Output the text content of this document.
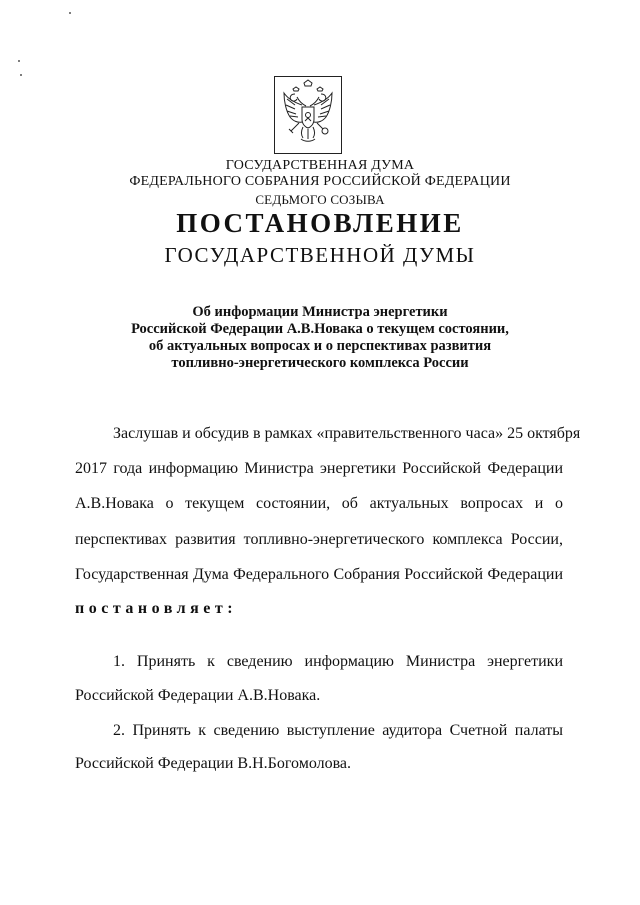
ГОСУДАРСТВЕННАЯ ДУМА
ФЕДЕРАЛЬНОГО СОБРАНИЯ РОССИЙСКОЙ ФЕДЕРАЦИИ
СЕДЬМОГО СОЗЫВА
ПОСТАНОВЛЕНИЕ
ГОСУДАРСТВЕННОЙ ДУМЫ
Об информации Министра энергетики
Российской Федерации А.В.Новака о текущем состоянии,
об актуальных вопросах и о перспективах развития
топливно-энергетического комплекса России
Заслушав и обсудив в рамках «правительственного часа» 25 октября
2017 года информацию Министра энергетики Российской Федерации
А.В.Новака о текущем состоянии, об актуальных вопросах и о
перспективах развития топливно-энергетического комплекса России,
Государственная Дума Федерального Собрания Российской Федерации
постановляет:
1. Принять к сведению информацию Министра энергетики
Российской Федерации А.В.Новака.
2. Принять к сведению выступление аудитора Счетной палаты
Российской Федерации В.Н.Богомолова.
